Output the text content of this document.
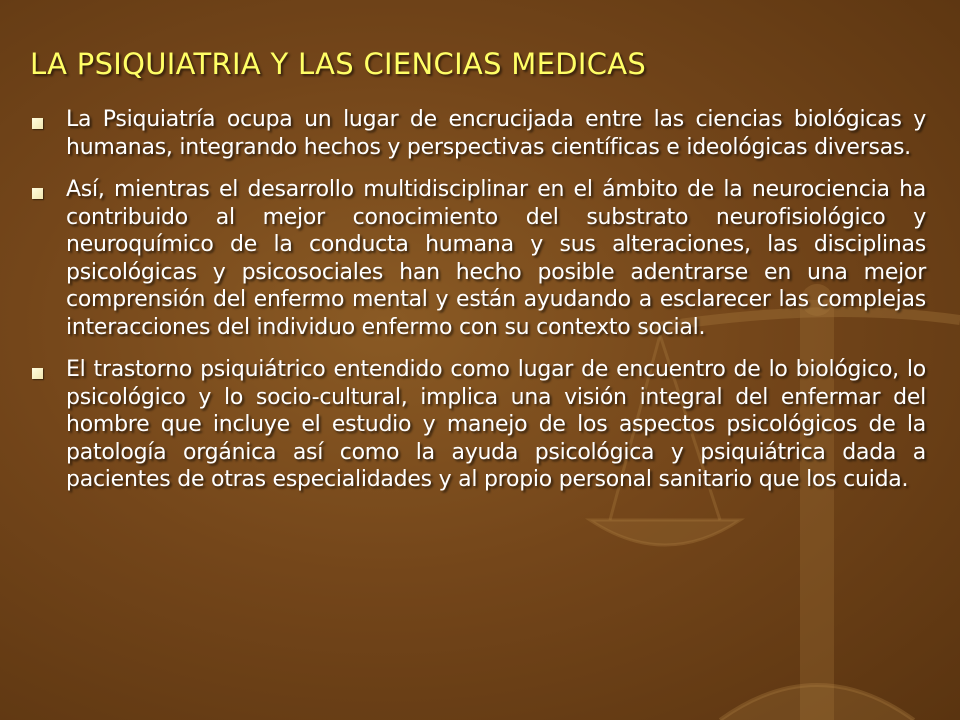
LA PSIQUIATRIA Y LAS CIENCIAS MEDICAS
La Psiquiatría ocupa un lugar de encrucijada entre las ciencias biológicas y humanas, integrando hechos y perspectivas científicas e ideológicas diversas.
Así, mientras el desarrollo multidisciplinar en el ámbito de la neurociencia ha contribuido al mejor conocimiento del substrato neurofisiológico y neuroquímico de la conducta humana y sus alteraciones, las disciplinas psicológicas y psicosociales han hecho posible adentrarse en una mejor comprensión del enfermo mental y están ayudando a esclarecer las complejas interacciones del individuo enfermo con su contexto social.
El trastorno psiquiátrico entendido como lugar de encuentro de lo biológico, lo psicológico y lo socio-cultural, implica una visión integral del enfermar del hombre que incluye el estudio y manejo de los aspectos psicológicos de la patología orgánica así como la ayuda psicológica y psiquiátrica dada a pacientes de otras especialidades y al propio personal sanitario que los cuida.
